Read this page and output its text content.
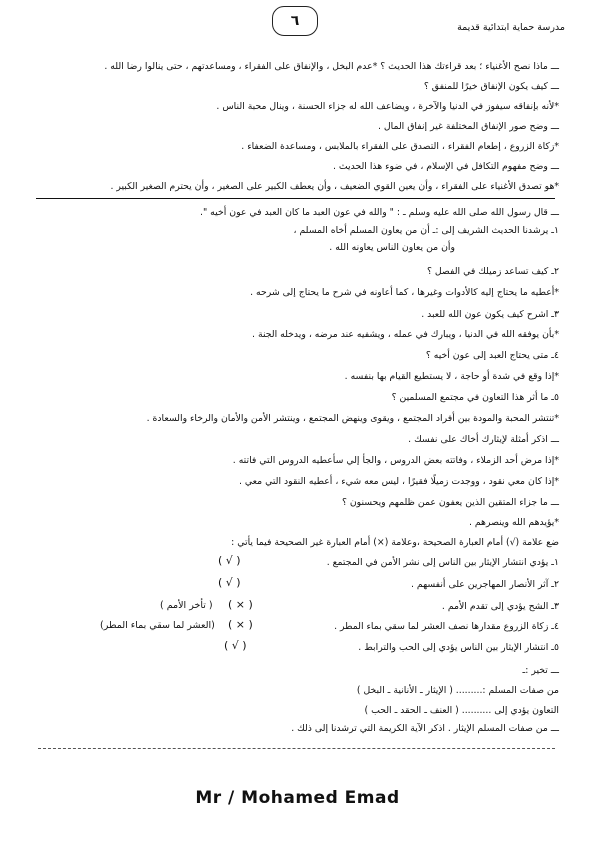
٦	مدرسة حماية ابتدائية قديمة
ـــ ماذا نصح الأغنياء ؛ بعد قراءتك هذا الحديث ؟ *عدم البخل ، والإنفاق على الفقراء ، ومساعدتهم ، حتى ينالوا رضا الله .
ـــ كيف يكون الإنفاق خيرًا للمنفق ؟
*لأنه بإنفاقه سيفوز في الدنيا والآخرة ، ويضاعف الله له جزاء الحسنة ، وينال محبة الناس .
ـــ وضح صور الإنفاق المختلفة غير إنفاق المال .
*زكاة الزروع ، إطعام الفقراء ، التصدق على الفقراء بالملابس ، ومساعدة الضعفاء .
ـــ وضح مفهوم التكافل في الإسلام ، في ضوء هذا الحديث .
*هو تصدق الأغنياء على الفقراء ، وأن يعين القوي الضعيف ، وأن يعطف الكبير على الصغير ، وأن يحترم الصغير الكبير .
ـــ قال رسول الله صلى الله عليه وسلم ـ : " والله في عون العبد ما كان العبد في عون أخيه ".
١ـ يرشدنا الحديث الشريف إلى :ـ أن من يعاون المسلم أخاه المسلم ،
وأن من يعاون الناس يعاونه الله .
٢ـ كيف تساعد زميلك في الفصل ؟
*أعطيه ما يحتاج إليه كالأدوات وغيرها ، كما أعاونه في شرح ما يحتاج إلى شرحه .
٣ـ اشرح كيف يكون عون الله للعبد .
*بأن يوفقه الله في الدنيا ، ويبارك في عمله ، ويشفيه عند مرضه ، ويدخله الجنة .
٤ـ متى يحتاج العبد إلى عون أخيه ؟
*إذا وقع في شدة أو حاجة ، لا يستطيع القيام بها بنفسه .
٥ـ ما أثر هذا التعاون في مجتمع المسلمين ؟
*تنتشر المحبة والمودة بين أفراد المجتمع ، ويقوى وينهض المجتمع ، وينتشر الأمن والأمان والرخاء والسعادة .
ـــ اذكر أمثلة لإيثارك أخاك على نفسك .
*إذا مرض أحد الزملاء ، وفاتته بعض الدروس ، والجأ إلي سأعطيه الدروس التي فاتته .
*إذا كان معي نقود ، ووجدت زميلًا فقيرًا ، ليس معه شيء ، أعطيه النقود التي معي .
ـــ ما جزاء المتقين الذين يعفون عمن ظلمهم ويحسنون ؟
*يؤيدهم الله وينصرهم .
ضع علامة (√) أمام العبارة الصحيحة ،وعلامة (×) أمام العبارة غير الصحيحة فيما يأتي :
١ـ يؤدي انتشار الإيثار بين الناس إلى نشر الأمن في المجتمع .
( √ )
٢ـ آثر الأنصار المهاجرين على أنفسهم .
( √ )
٣ـ الشح يؤدي إلى تقدم الأمم .
( × )
( تأخر الأمم )
٤ـ زكاة الزروع مقدارها نصف العشر لما سقي بماء المطر .
( × )
(العشر لما سقي بماء المطر)
٥ـ انتشار الإيثار بين الناس يؤدي إلى الحب والترابط .
( √ )
ـــ تخير :ـ
من صفات المسلم :......... ( الإيثار ـ الأنانية ـ البخل )
التعاون يؤدي إلى .......... ( العنف ـ الحقد ـ الحب )
ـــ من صفات المسلم الإيثار . اذكر الآية الكريمة التي ترشدنا إلى ذلك .
Mr / Mohamed Emad
